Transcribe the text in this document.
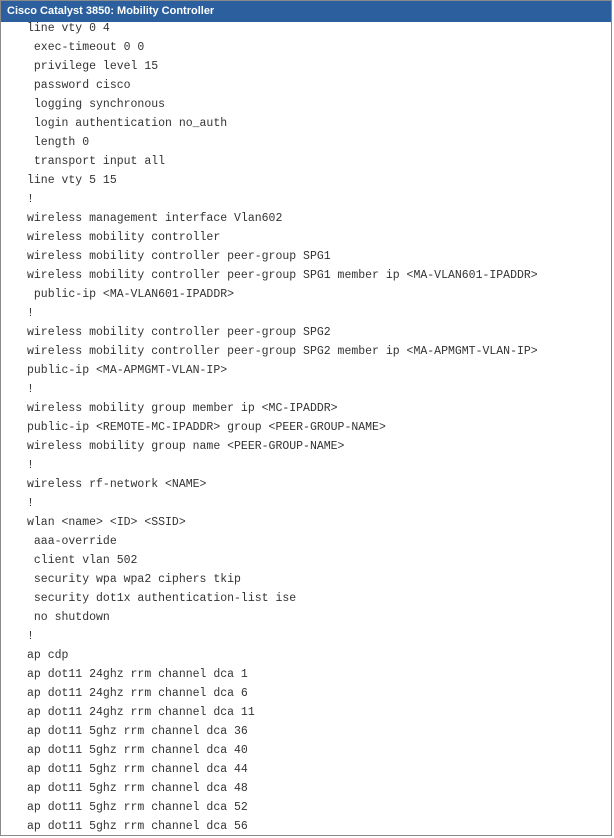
Cisco Catalyst 3850: Mobility Controller
line vty 0 4
exec-timeout 0 0
privilege level 15
password cisco
logging synchronous
login authentication no_auth
length 0
transport input all
line vty 5 15
!
wireless management interface Vlan602
wireless mobility controller
wireless mobility controller peer-group SPG1
wireless mobility controller peer-group SPG1 member ip <MA-VLAN601-IPADDR>
public-ip <MA-VLAN601-IPADDR>
!
wireless mobility controller peer-group SPG2
wireless mobility controller peer-group SPG2 member ip <MA-APMGMT-VLAN-IP>
public-ip <MA-APMGMT-VLAN-IP>
!
wireless mobility group member ip <MC-IPADDR>
public-ip <REMOTE-MC-IPADDR> group <PEER-GROUP-NAME>
wireless mobility group name <PEER-GROUP-NAME>
!
wireless rf-network <NAME>
!
wlan <name> <ID> <SSID>
aaa-override
client vlan 502
security wpa wpa2 ciphers tkip
security dot1x authentication-list ise
no shutdown
!
ap cdp
ap dot11 24ghz rrm channel dca 1
ap dot11 24ghz rrm channel dca 6
ap dot11 24ghz rrm channel dca 11
ap dot11 5ghz rrm channel dca 36
ap dot11 5ghz rrm channel dca 40
ap dot11 5ghz rrm channel dca 44
ap dot11 5ghz rrm channel dca 48
ap dot11 5ghz rrm channel dca 52
ap dot11 5ghz rrm channel dca 56
